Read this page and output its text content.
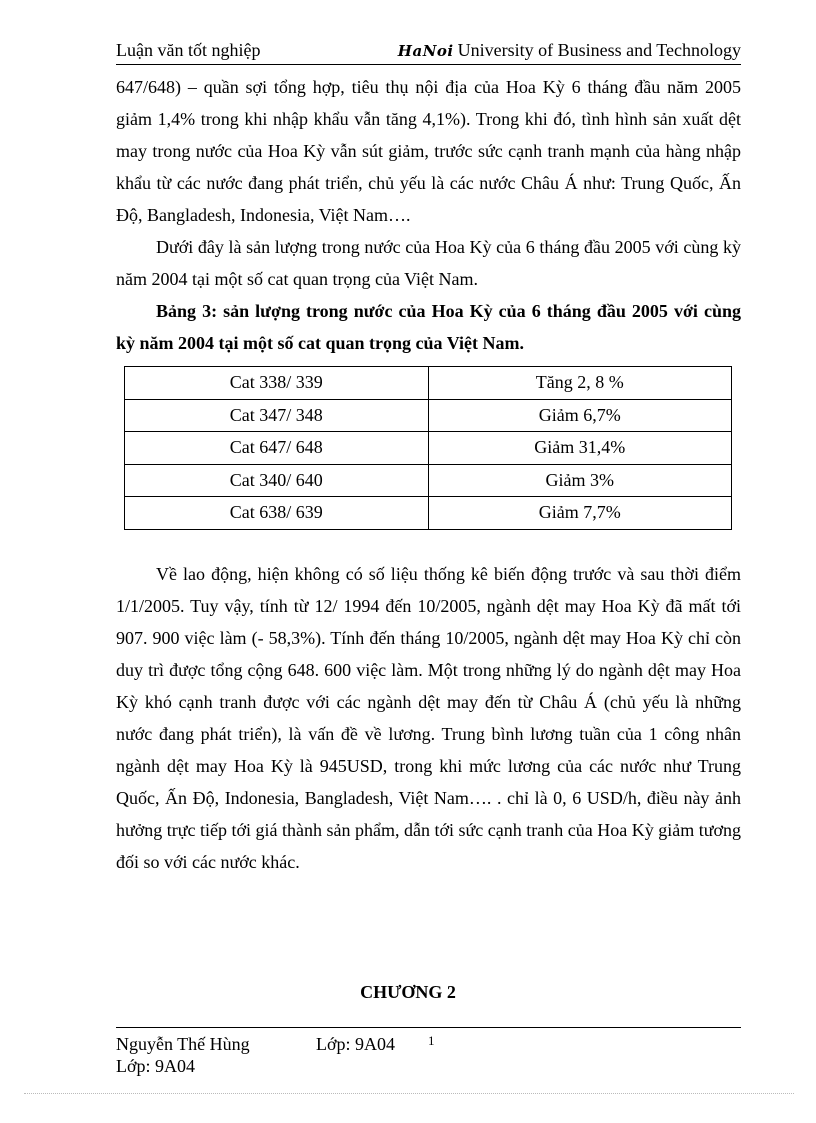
Luận văn tốt nghiệp	HaNoi University of Business and Technology

647/648) – quần sợi tổng hợp, tiêu thụ nội địa của Hoa Kỳ 6 tháng đầu năm 2005 giảm 1,4% trong khi nhập khẩu vẫn tăng 4,1%). Trong khi đó, tình hình sản xuất dệt may trong nước của Hoa Kỳ vẫn sút giảm, trước sức cạnh tranh mạnh của hàng nhập khẩu từ các nước đang phát triển, chủ yếu là các nước Châu Á như: Trung Quốc, Ấn Độ, Bangladesh, Indonesia, Việt Nam….

Dưới đây là sản lượng trong nước của Hoa Kỳ của 6 tháng đầu 2005 với cùng kỳ năm 2004 tại một số cat quan trọng của Việt Nam.

Bảng 3: sản lượng trong nước của Hoa Kỳ của 6 tháng đầu 2005 với cùng kỳ năm 2004 tại một số cat quan trọng của Việt Nam.

Cat 338/ 339	Tăng 2, 8 %
Cat 347/ 348	Giảm 6,7%
Cat 647/ 648	Giảm 31,4%
Cat 340/ 640	Giảm 3%
Cat 638/ 639	Giảm 7,7%

Về lao động, hiện không có số liệu thống kê biến động trước và sau thời điểm 1/1/2005. Tuy vậy, tính từ 12/ 1994 đến 10/2005, ngành dệt may Hoa Kỳ đã mất tới 907. 900 việc làm (- 58,3%). Tính đến tháng 10/2005, ngành dệt may Hoa Kỳ chỉ còn duy trì được tổng cộng 648. 600 việc làm. Một trong những lý do ngành dệt may Hoa Kỳ khó cạnh tranh được với các ngành dệt may đến từ Châu Á (chủ yếu là những nước đang phát triển), là vấn đề về lương. Trung bình lương tuần của 1 công nhân ngành dệt may Hoa Kỳ là 945USD, trong khi mức lương của các nước như Trung Quốc, Ấn Độ, Indonesia, Bangladesh, Việt Nam…. . chỉ là 0, 6 USD/h, điều này ảnh hưởng trực tiếp tới giá thành sản phẩm, dẫn tới sức cạnh tranh của Hoa Kỳ giảm tương đối so với các nước khác.

CHƯƠNG 2
Nguyễn Thế Hùng	Lớp: 9A04	1
Lớp: 9A04
